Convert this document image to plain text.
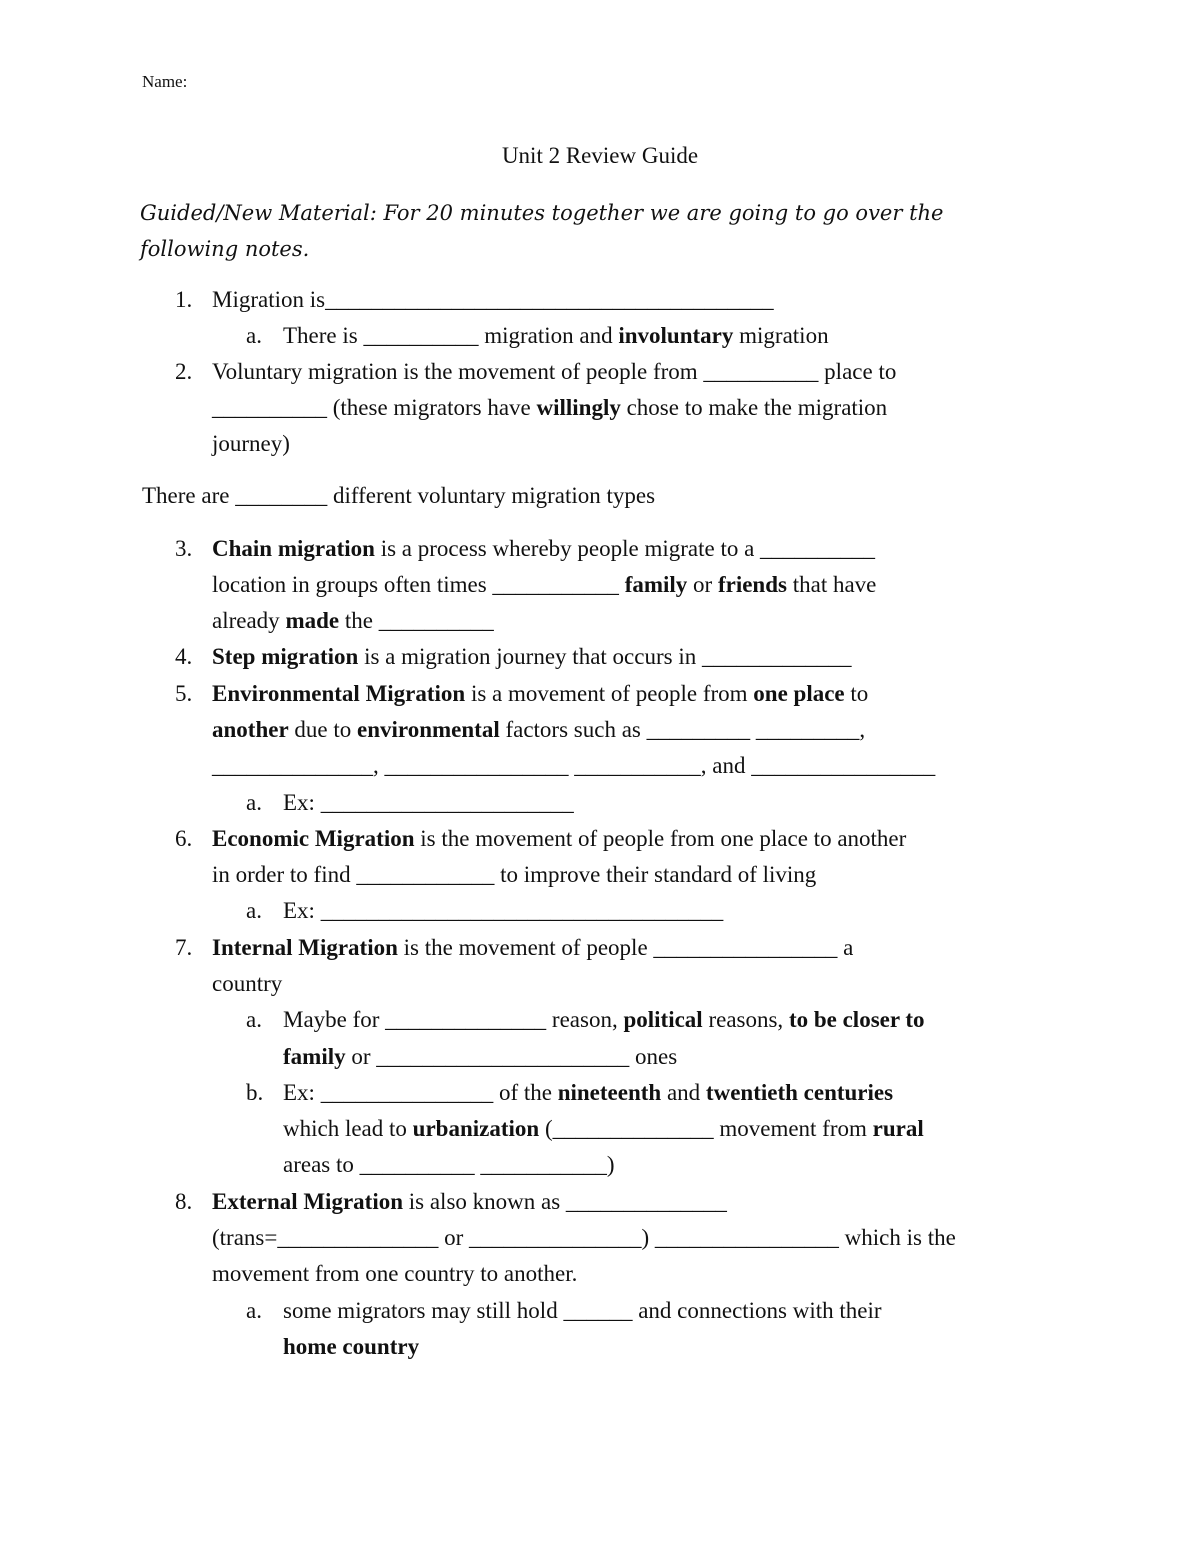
Name:
Unit 2 Review Guide
Guided/New Material: For 20 minutes together we are going to go over the
following notes.
1. Migration is_______________________________________
a. There is __________ migration and involuntary migration
2. Voluntary migration is the movement of people from __________ place to
__________ (these migrators have willingly chose to make the migration
journey)
There are ________ different voluntary migration types
3. Chain migration is a process whereby people migrate to a __________
location in groups often times ___________ family or friends that have
already made the __________
4. Step migration is a migration journey that occurs in _____________
5. Environmental Migration is a movement of people from one place to
another due to environmental factors such as _________ _________,
______________, ________________ ___________, and ________________
a. Ex: ______________________
6. Economic Migration is the movement of people from one place to another
in order to find ____________ to improve their standard of living
a. Ex: ___________________________________
7. Internal Migration is the movement of people ________________ a
country
a. Maybe for ______________ reason, political reasons, to be closer to
family or ______________________ ones
b. Ex: _______________ of the nineteenth and twentieth centuries
which lead to urbanization (______________ movement from rural
areas to __________ ___________)
8. External Migration is also known as ______________
(trans=______________ or _______________) ________________ which is the
movement from one country to another.
a. some migrators may still hold ______ and connections with their
home country
